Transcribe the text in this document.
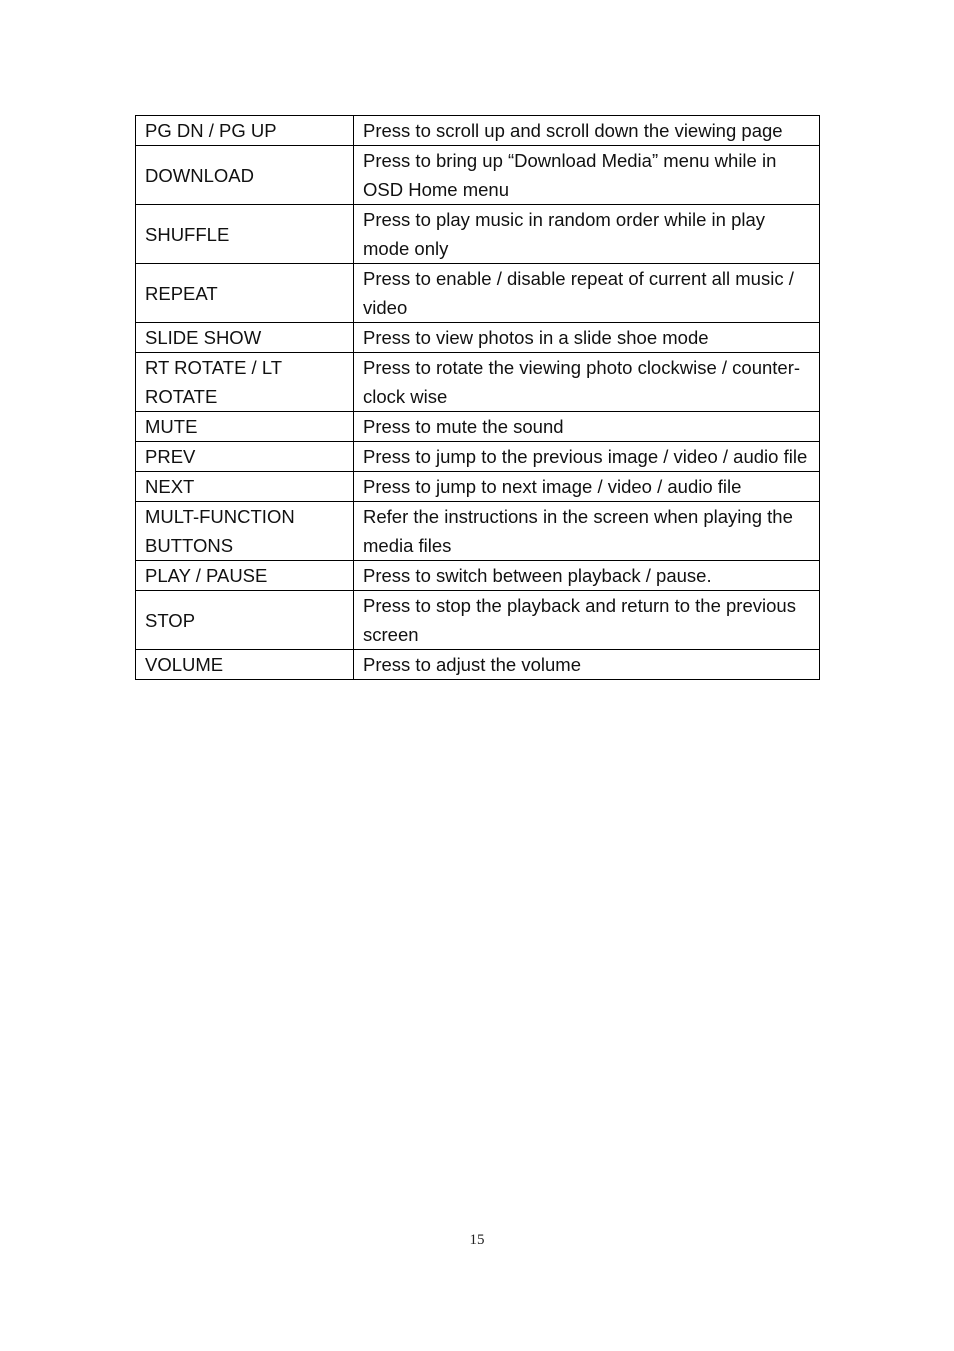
PG DN / PG UP	Press to scroll up and scroll down the viewing page
DOWNLOAD	Press to bring up “Download Media” menu while in OSD Home menu
SHUFFLE	Press to play music in random order while in play mode only
REPEAT	Press to enable / disable repeat of current all music / video
SLIDE SHOW	Press to view photos in a slide shoe mode
RT ROTATE / LT ROTATE	Press to rotate the viewing photo clockwise / counter-clock wise
MUTE	Press to mute the sound
PREV	Press to jump to the previous image / video / audio file
NEXT	Press to jump to next image / video / audio file
MULT-FUNCTION BUTTONS	Refer the instructions in the screen when playing the media files
PLAY / PAUSE	Press to switch between playback / pause.
STOP	Press to stop the playback and return to the previous screen
VOLUME	Press to adjust the volume
15
